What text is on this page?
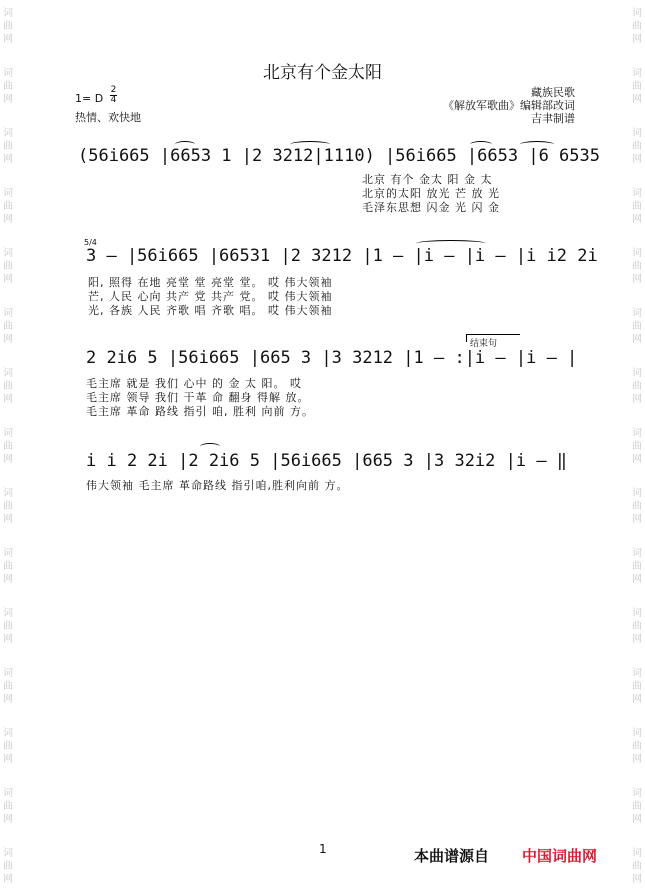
词
曲
网
词
曲
网
词
曲
网
词
曲
网
词
曲
网
词
曲
网
词
曲
网
词
曲
网
词
曲
网
词
曲
网
词
曲
网
词
曲
网
词
曲
网
词
曲
网
词
曲
网
词
曲
网
词
曲
网
词
曲
网
词
曲
网
词
曲
网
词
曲
网
词
曲
网
词
曲
网
词
曲
网
词
曲
网
词
曲
网
词
曲
网
词
曲
网
词
曲
网
词
曲
网
北京有个金太阳
1= D
2
4
热情、欢快地
藏族民歌
《解放军歌曲》编辑部改词
吉聿制谱
(56i665 |6653 1 |2 3212|1110) |56i665 |6653 |6 6535
北京 有个 金太 阳 金 太
北京的太阳 放光 芒 放 光
毛泽东思想 闪金 光 闪 金
5/4
3 — |56i665 |66531 |2 3212 |1 — |i — |i — |i i2 2i
阳, 照得 在地 亮堂 堂 亮堂 堂。 哎 伟大领袖
芒, 人民 心向 共产 党 共产 党。 哎 伟大领袖
光, 各族 人民 齐歌 唱 齐歌 唱。 哎 伟大领袖
结束句
2 2i6 5 |56i665 |665 3 |3 3212 |1 — :|i — |i — |
毛主席 就是 我们 心中 的 金 太 阳。 哎
毛主席 领导 我们 干革 命 翻身 得解 放。
毛主席 革命 路线 指引 咱, 胜利 向前 方。
i i 2 2i |2 2i6 5 |56i665 |665 3 |3 32i2 |i — ‖
伟大领袖 毛主席 革命路线 指引咱,胜利向前 方。
1	本曲谱源自 中国词曲网
